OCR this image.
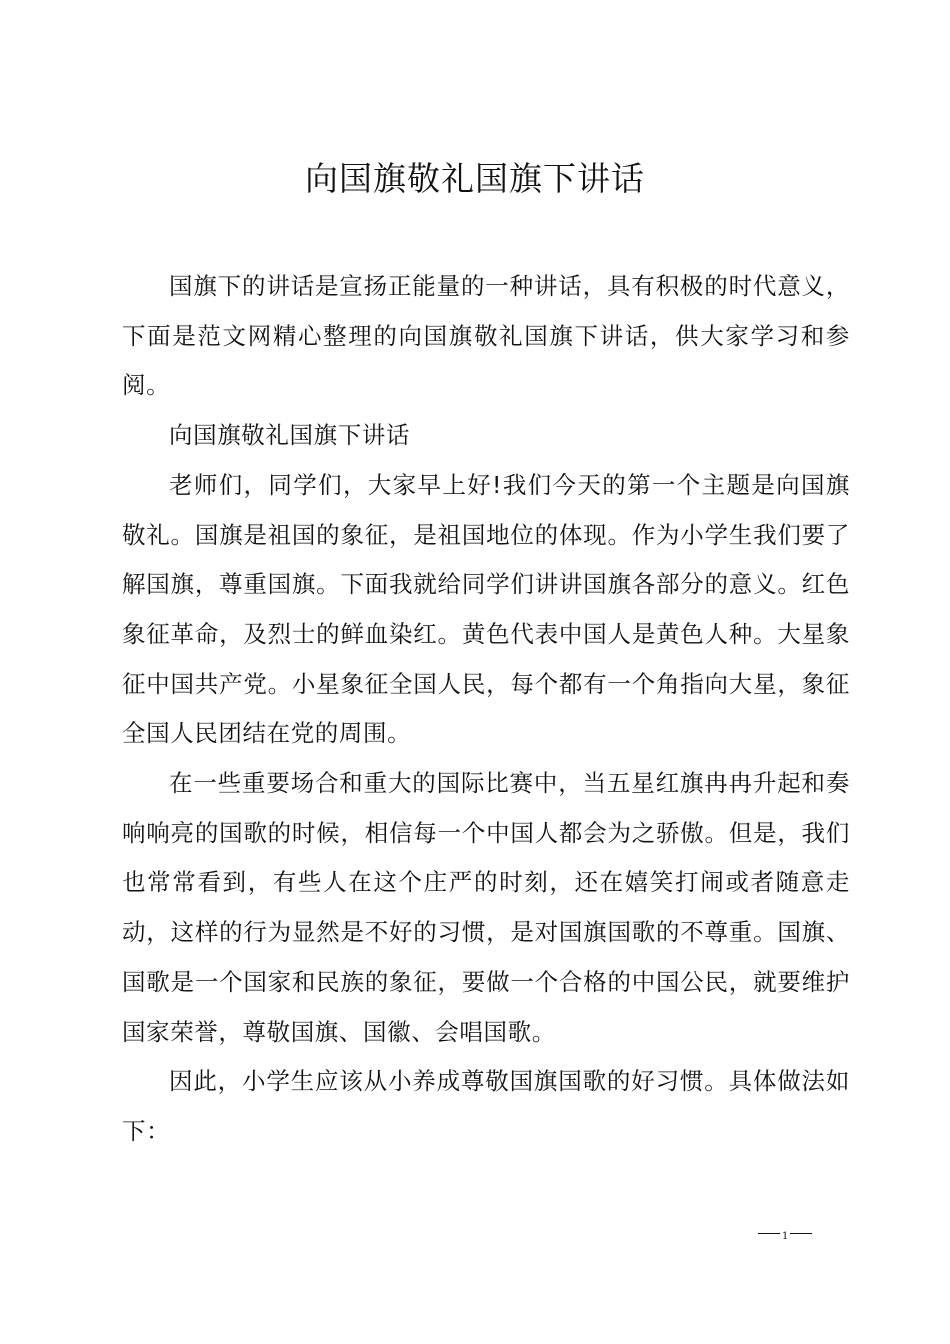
向国旗敬礼国旗下讲话

国旗下的讲话是宣扬正能量的一种讲话，具有积极的时代意义，下面是范文网精心整理的向国旗敬礼国旗下讲话，供大家学习和参阅。

向国旗敬礼国旗下讲话

老师们，同学们，大家早上好!我们今天的第一个主题是向国旗敬礼。国旗是祖国的象征，是祖国地位的体现。作为小学生我们要了解国旗，尊重国旗。下面我就给同学们讲讲国旗各部分的意义。红色象征革命，及烈士的鲜血染红。黄色代表中国人是黄色人种。大星象征中国共产党。小星象征全国人民，每个都有一个角指向大星，象征全国人民团结在党的周围。

在一些重要场合和重大的国际比赛中，当五星红旗冉冉升起和奏响响亮的国歌的时候，相信每一个中国人都会为之骄傲。但是，我们也常常看到，有些人在这个庄严的时刻，还在嬉笑打闹或者随意走动，这样的行为显然是不好的习惯，是对国旗国歌的不尊重。国旗、国歌是一个国家和民族的象征，要做一个合格的中国公民，就要维护国家荣誉，尊敬国旗、国徽、会唱国歌。

因此，小学生应该从小养成尊敬国旗国歌的好习惯。具体做法如下：

1
